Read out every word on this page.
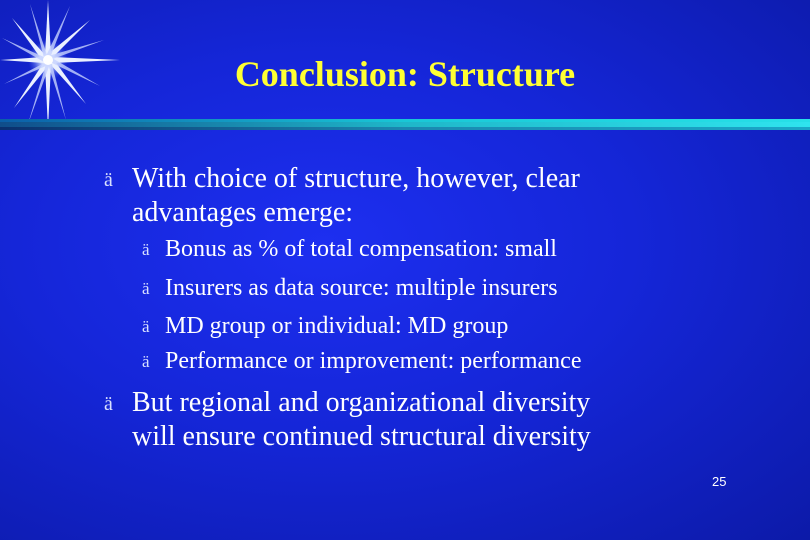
Conclusion: Structure
ä With choice of structure, however, clear
advantages emerge:
ä Bonus as % of total compensation: small
ä Insurers as data source: multiple insurers
ä MD group or individual: MD group
ä Performance or improvement: performance
ä But regional and organizational diversity
will ensure continued structural diversity
25
